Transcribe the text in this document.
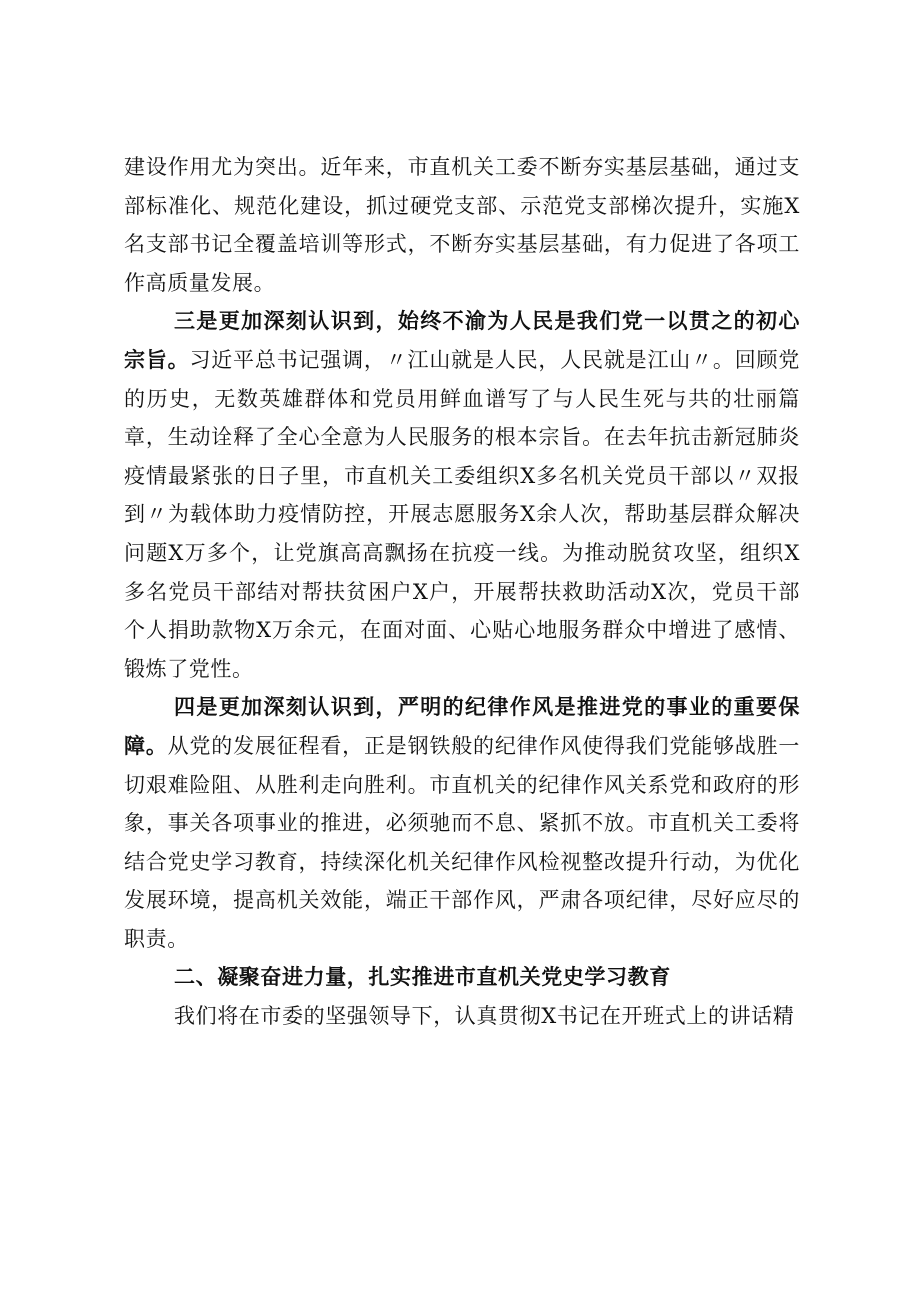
建设作用尤为突出。近年来，市直机关工委不断夯实基层基础，通过支部标准化、规范化建设，抓过硬党支部、示范党支部梯次提升，实施X名支部书记全覆盖培训等形式，不断夯实基层基础，有力促进了各项工作高质量发展。

三是更加深刻认识到，始终不渝为人民是我们党一以贯之的初心宗旨。习近平总书记强调，〃江山就是人民，人民就是江山〃。回顾党的历史，无数英雄群体和党员用鲜血谱写了与人民生死与共的壮丽篇章，生动诠释了全心全意为人民服务的根本宗旨。在去年抗击新冠肺炎疫情最紧张的日子里，市直机关工委组织X多名机关党员干部以〃双报到〃为载体助力疫情防控，开展志愿服务X余人次，帮助基层群众解决问题X万多个，让党旗高高飘扬在抗疫一线。为推动脱贫攻坚，组织X多名党员干部结对帮扶贫困户X户，开展帮扶救助活动X次，党员干部个人捐助款物X万余元，在面对面、心贴心地服务群众中增进了感情、锻炼了党性。

四是更加深刻认识到，严明的纪律作风是推进党的事业的重要保障。从党的发展征程看，正是钢铁般的纪律作风使得我们党能够战胜一切艰难险阻、从胜利走向胜利。市直机关的纪律作风关系党和政府的形象，事关各项事业的推进，必须驰而不息、紧抓不放。市直机关工委将结合党史学习教育，持续深化机关纪律作风检视整改提升行动，为优化发展环境，提高机关效能，端正干部作风，严肃各项纪律，尽好应尽的职责。

二、凝聚奋进力量，扎实推进市直机关党史学习教育

我们将在市委的坚强领导下，认真贯彻X书记在开班式上的讲话精
